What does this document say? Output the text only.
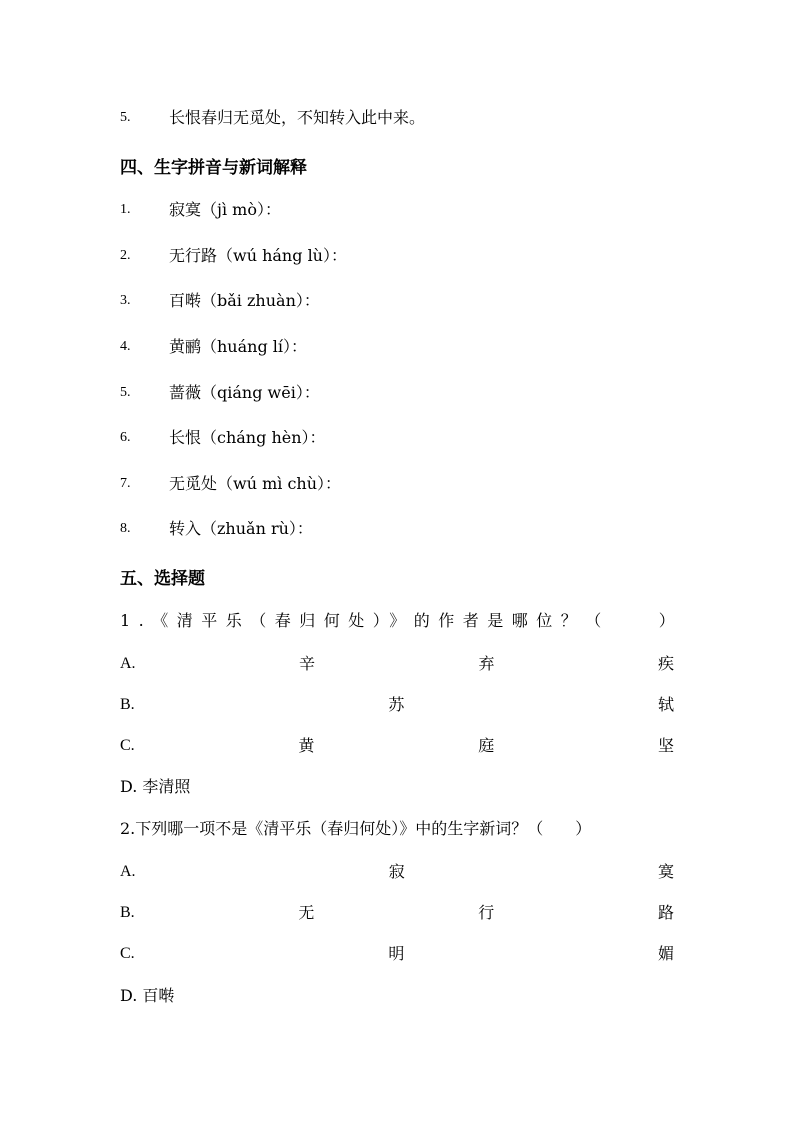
5. 长恨春归无觅处，不知转入此中来。
四、生字拼音与新词解释
1. 寂寞（jì mò）：
2. 无行路（wú háng lù）：
3. 百啭（bǎi zhuàn）：
4. 黄鹂（huáng lí）：
5. 蔷薇（qiáng wēi）：
6. 长恨（cháng hèn）：
7. 无觅处（wú mì chù）：
8. 转入（zhuǎn rù）：
五、选择题
1.《清平乐（春归何处）》的作者是哪位？（　　）
A.	辛	弃	疾
B.	苏	轼
C.	黄	庭	坚
D. 李清照
2.下列哪一项不是《清平乐（春归何处）》中的生字新词？（　　）
A.	寂	寞
B.	无	行	路
C.	明	媚
D. 百啭
